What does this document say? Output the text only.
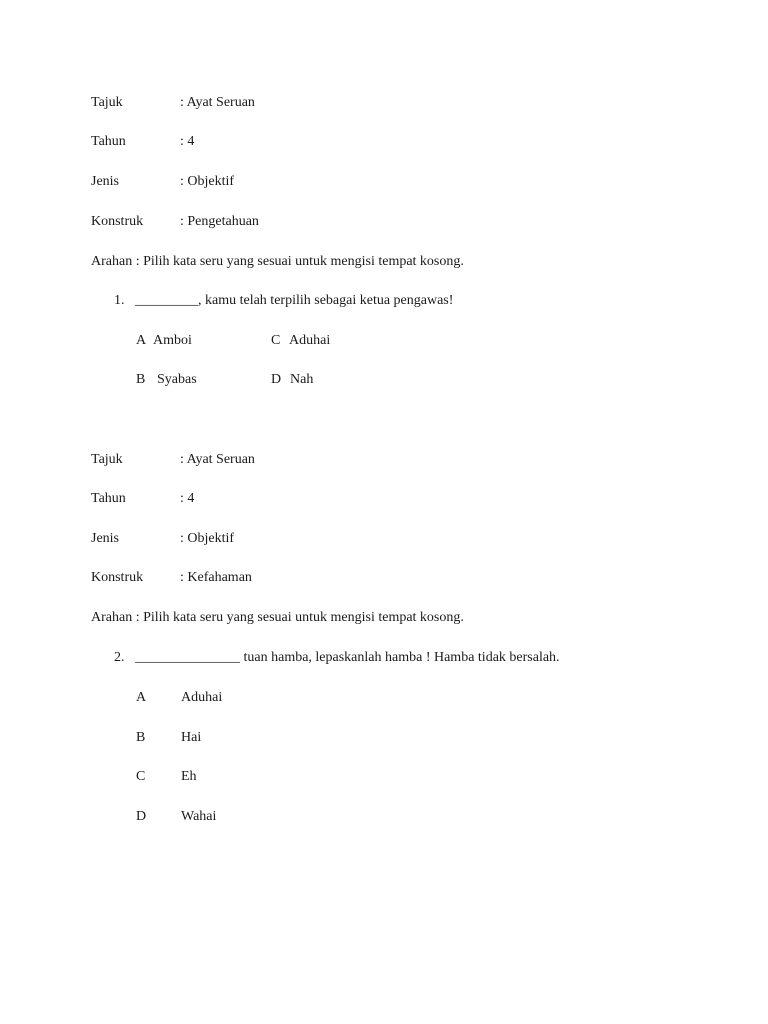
Tajuk	: Ayat Seruan
Tahun	: 4
Jenis	: Objektif
Konstruk	: Pengetahuan
Arahan : Pilih kata seru yang sesuai untuk mengisi tempat kosong.
1. _________, kamu telah terpilih sebagai ketua pengawas!
A Amboi	C Aduhai
B Syabas	D Nah
Tajuk	: Ayat Seruan
Tahun	: 4
Jenis	: Objektif
Konstruk	: Kefahaman
Arahan : Pilih kata seru yang sesuai untuk mengisi tempat kosong.
2. _______________ tuan hamba, lepaskanlah hamba ! Hamba tidak bersalah.
A Aduhai
B	Hai
C	Eh
D Wahai
